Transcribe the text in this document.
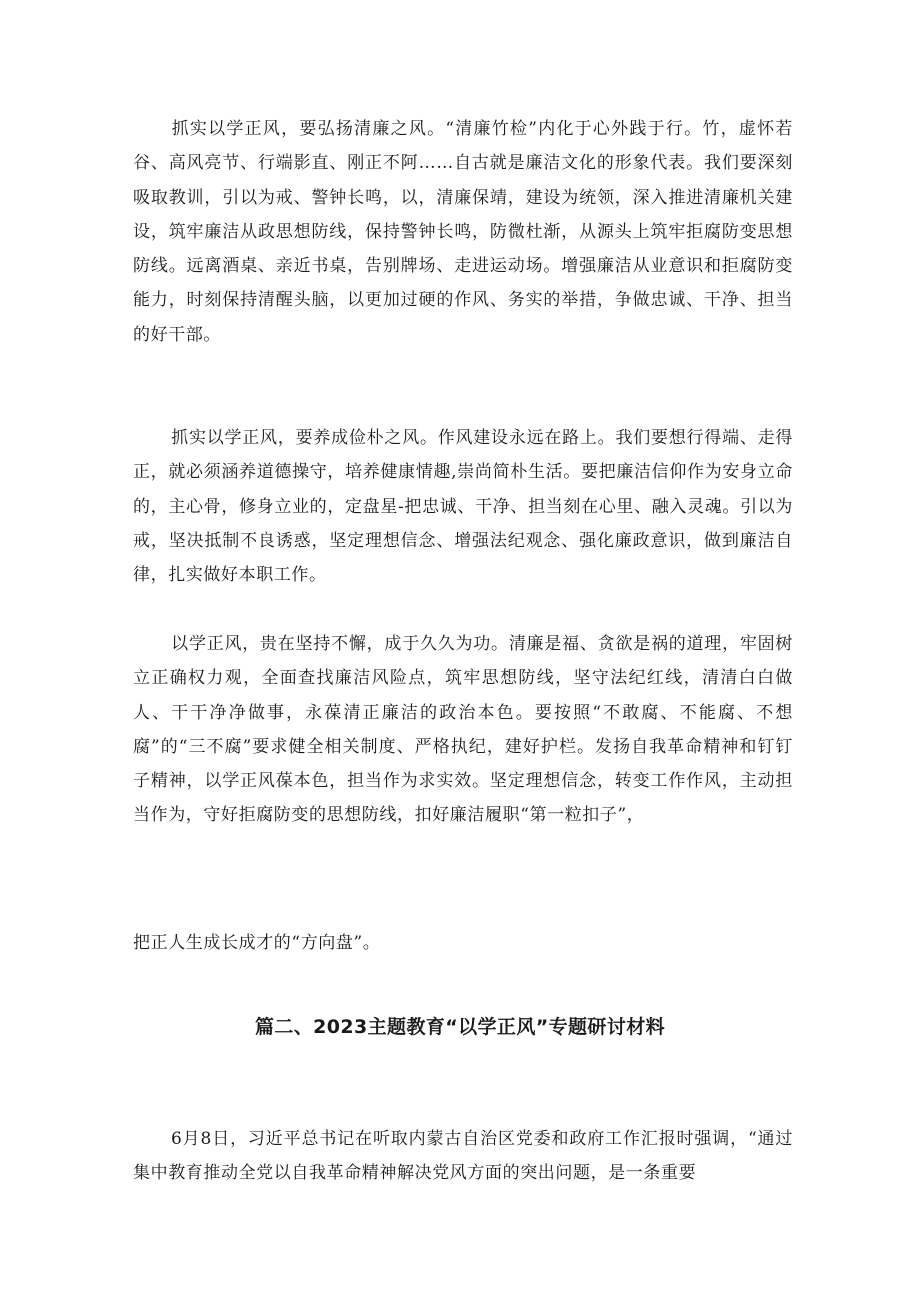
抓实以学正风，要弘扬清廉之风。“清廉竹检”内化于心外践于行。竹，虚怀若谷、高风亮节、行端影直、刚正不阿……自古就是廉洁文化的形象代表。我们要深刻吸取教训，引以为戒、警钟长鸣，以，清廉保靖，建设为统领，深入推进清廉机关建设，筑牢廉洁从政思想防线，保持警钟长鸣，防微杜渐，从源头上筑牢拒腐防变思想防线。远离酒桌、亲近书桌，告别牌场、走进运动场。增强廉洁从业意识和拒腐防变能力，时刻保持清醒头脑，以更加过硬的作风、务实的举措，争做忠诚、干净、担当的好干部。

抓实以学正风，要养成俭朴之风。作风建设永远在路上。我们要想行得端、走得正，就必须涵养道德操守，培养健康情趣,崇尚简朴生活。要把廉洁信仰作为安身立命的，主心骨，修身立业的，定盘星-把忠诚、干净、担当刻在心里、融入灵魂。引以为戒，坚决抵制不良诱惑，坚定理想信念、增强法纪观念、强化廉政意识，做到廉洁自律，扎实做好本职工作。

以学正风，贵在坚持不懈，成于久久为功。清廉是福、贪欲是祸的道理，牢固树立正确权力观，全面查找廉洁风险点，筑牢思想防线，坚守法纪红线，清清白白做人、干干净净做事，永葆清正廉洁的政治本色。要按照“不敢腐、不能腐、不想腐”的“三不腐”要求健全相关制度、严格执纪，建好护栏。发扬自我革命精神和钉钉子精神，以学正风葆本色，担当作为求实效。坚定理想信念，转变工作作风，主动担当作为，守好拒腐防变的思想防线，扣好廉洁履职“第一粒扣子”，

把正人生成长成才的“方向盘”。

篇二、2023主题教育“以学正风”专题研讨材料

6月8日，习近平总书记在听取内蒙古自治区党委和政府工作汇报时强调，“通过集中教育推动全党以自我革命精神解决党风方面的突出问题，是一条重要
